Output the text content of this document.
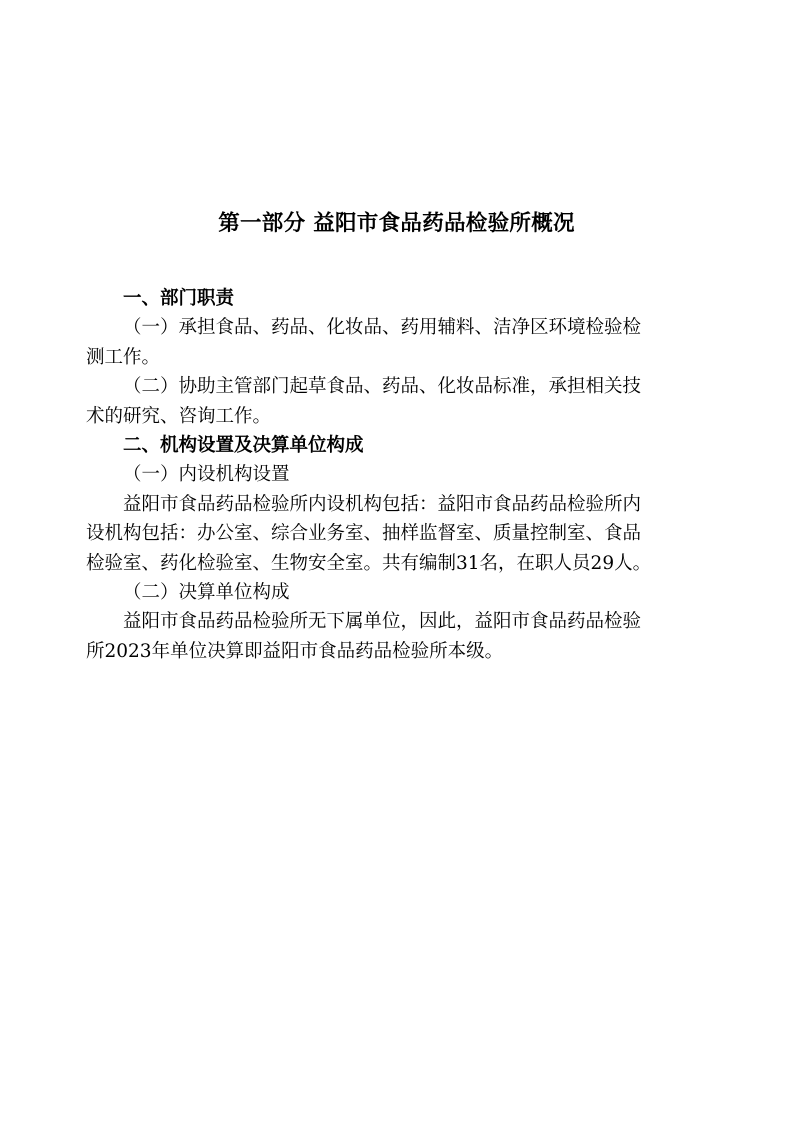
第一部分 益阳市食品药品检验所概况
一、部门职责
（一）承担食品、药品、化妆品、药用辅料、洁净区环境检验检
测工作。
（二）协助主管部门起草食品、药品、化妆品标准，承担相关技
术的研究、咨询工作。
二、机构设置及决算单位构成
（一）内设机构设置
益阳市食品药品检验所内设机构包括：益阳市食品药品检验所内
设机构包括：办公室、综合业务室、抽样监督室、质量控制室、食品
检验室、药化检验室、生物安全室。共有编制31名，在职人员29人。
（二）决算单位构成
益阳市食品药品检验所无下属单位，因此，益阳市食品药品检验
所2023年单位决算即益阳市食品药品检验所本级。
